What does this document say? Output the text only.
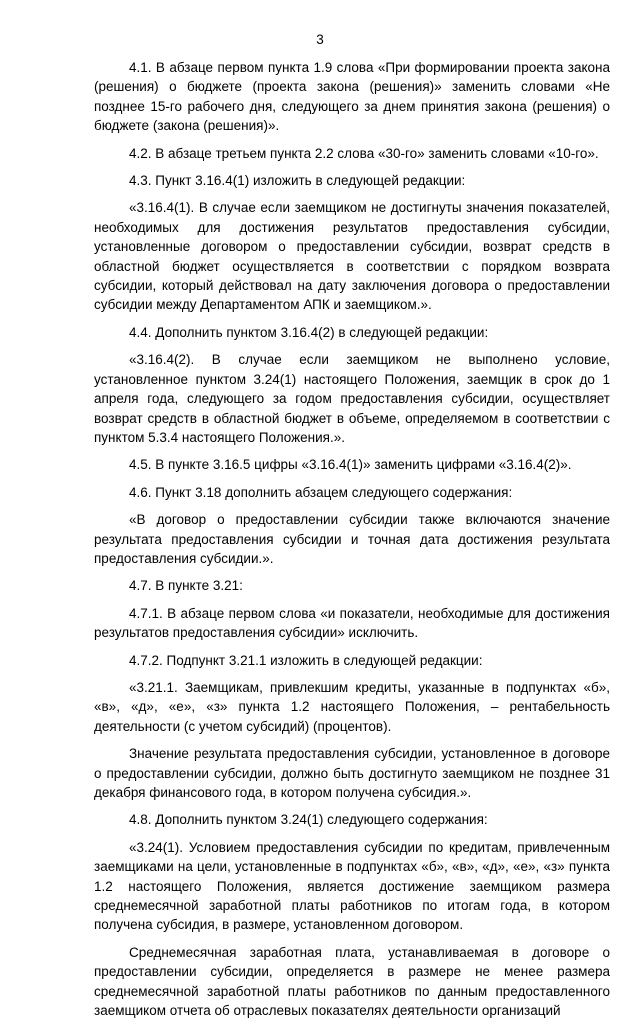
3

4.1. В абзаце первом пункта 1.9 слова «При формировании проекта закона (решения) о бюджете (проекта закона (решения)» заменить словами «Не позднее 15-го рабочего дня, следующего за днем принятия закона (решения) о бюджете (закона (решения)».

4.2. В абзаце третьем пункта 2.2 слова «30-го» заменить словами «10-го».

4.3. Пункт 3.16.4(1) изложить в следующей редакции:

«3.16.4(1). В случае если заемщиком не достигнуты значения показателей, необходимых для достижения результатов предоставления субсидии, установленные договором о предоставлении субсидии, возврат средств в областной бюджет осуществляется в соответствии с порядком возврата субсидии, который действовал на дату заключения договора о предоставлении субсидии между Департаментом АПК и заемщиком.».

4.4. Дополнить пунктом 3.16.4(2) в следующей редакции:

«3.16.4(2). В случае если заемщиком не выполнено условие, установленное пунктом 3.24(1) настоящего Положения, заемщик в срок до 1 апреля года, следующего за годом предоставления субсидии, осуществляет возврат средств в областной бюджет в объеме, определяемом в соответствии с пунктом 5.3.4 настоящего Положения.».

4.5. В пункте 3.16.5 цифры «3.16.4(1)» заменить цифрами «3.16.4(2)».

4.6. Пункт 3.18 дополнить абзацем следующего содержания:

«В договор о предоставлении субсидии также включаются значение результата предоставления субсидии и точная дата достижения результата предоставления субсидии.».

4.7. В пункте 3.21:

4.7.1. В абзаце первом слова «и показатели, необходимые для достижения результатов предоставления субсидии» исключить.

4.7.2. Подпункт 3.21.1 изложить в следующей редакции:

«3.21.1. Заемщикам, привлекшим кредиты, указанные в подпунктах «б», «в», «д», «е», «з» пункта 1.2 настоящего Положения, – рентабельность деятельности (с учетом субсидий) (процентов).

Значение результата предоставления субсидии, установленное в договоре о предоставлении субсидии, должно быть достигнуто заемщиком не позднее 31 декабря финансового года, в котором получена субсидия.».

4.8. Дополнить пунктом 3.24(1) следующего содержания:

«3.24(1). Условием предоставления субсидии по кредитам, привлеченным заемщиками на цели, установленные в подпунктах «б», «в», «д», «е», «з» пункта 1.2 настоящего Положения, является достижение заемщиком размера среднемесячной заработной платы работников по итогам года, в котором получена субсидия, в размере, установленном договором.

Среднемесячная заработная плата, устанавливаемая в договоре о предоставлении субсидии, определяется в размере не менее размера среднемесячной заработной платы работников по данным предоставленного заемщиком отчета об отраслевых показателях деятельности организаций
